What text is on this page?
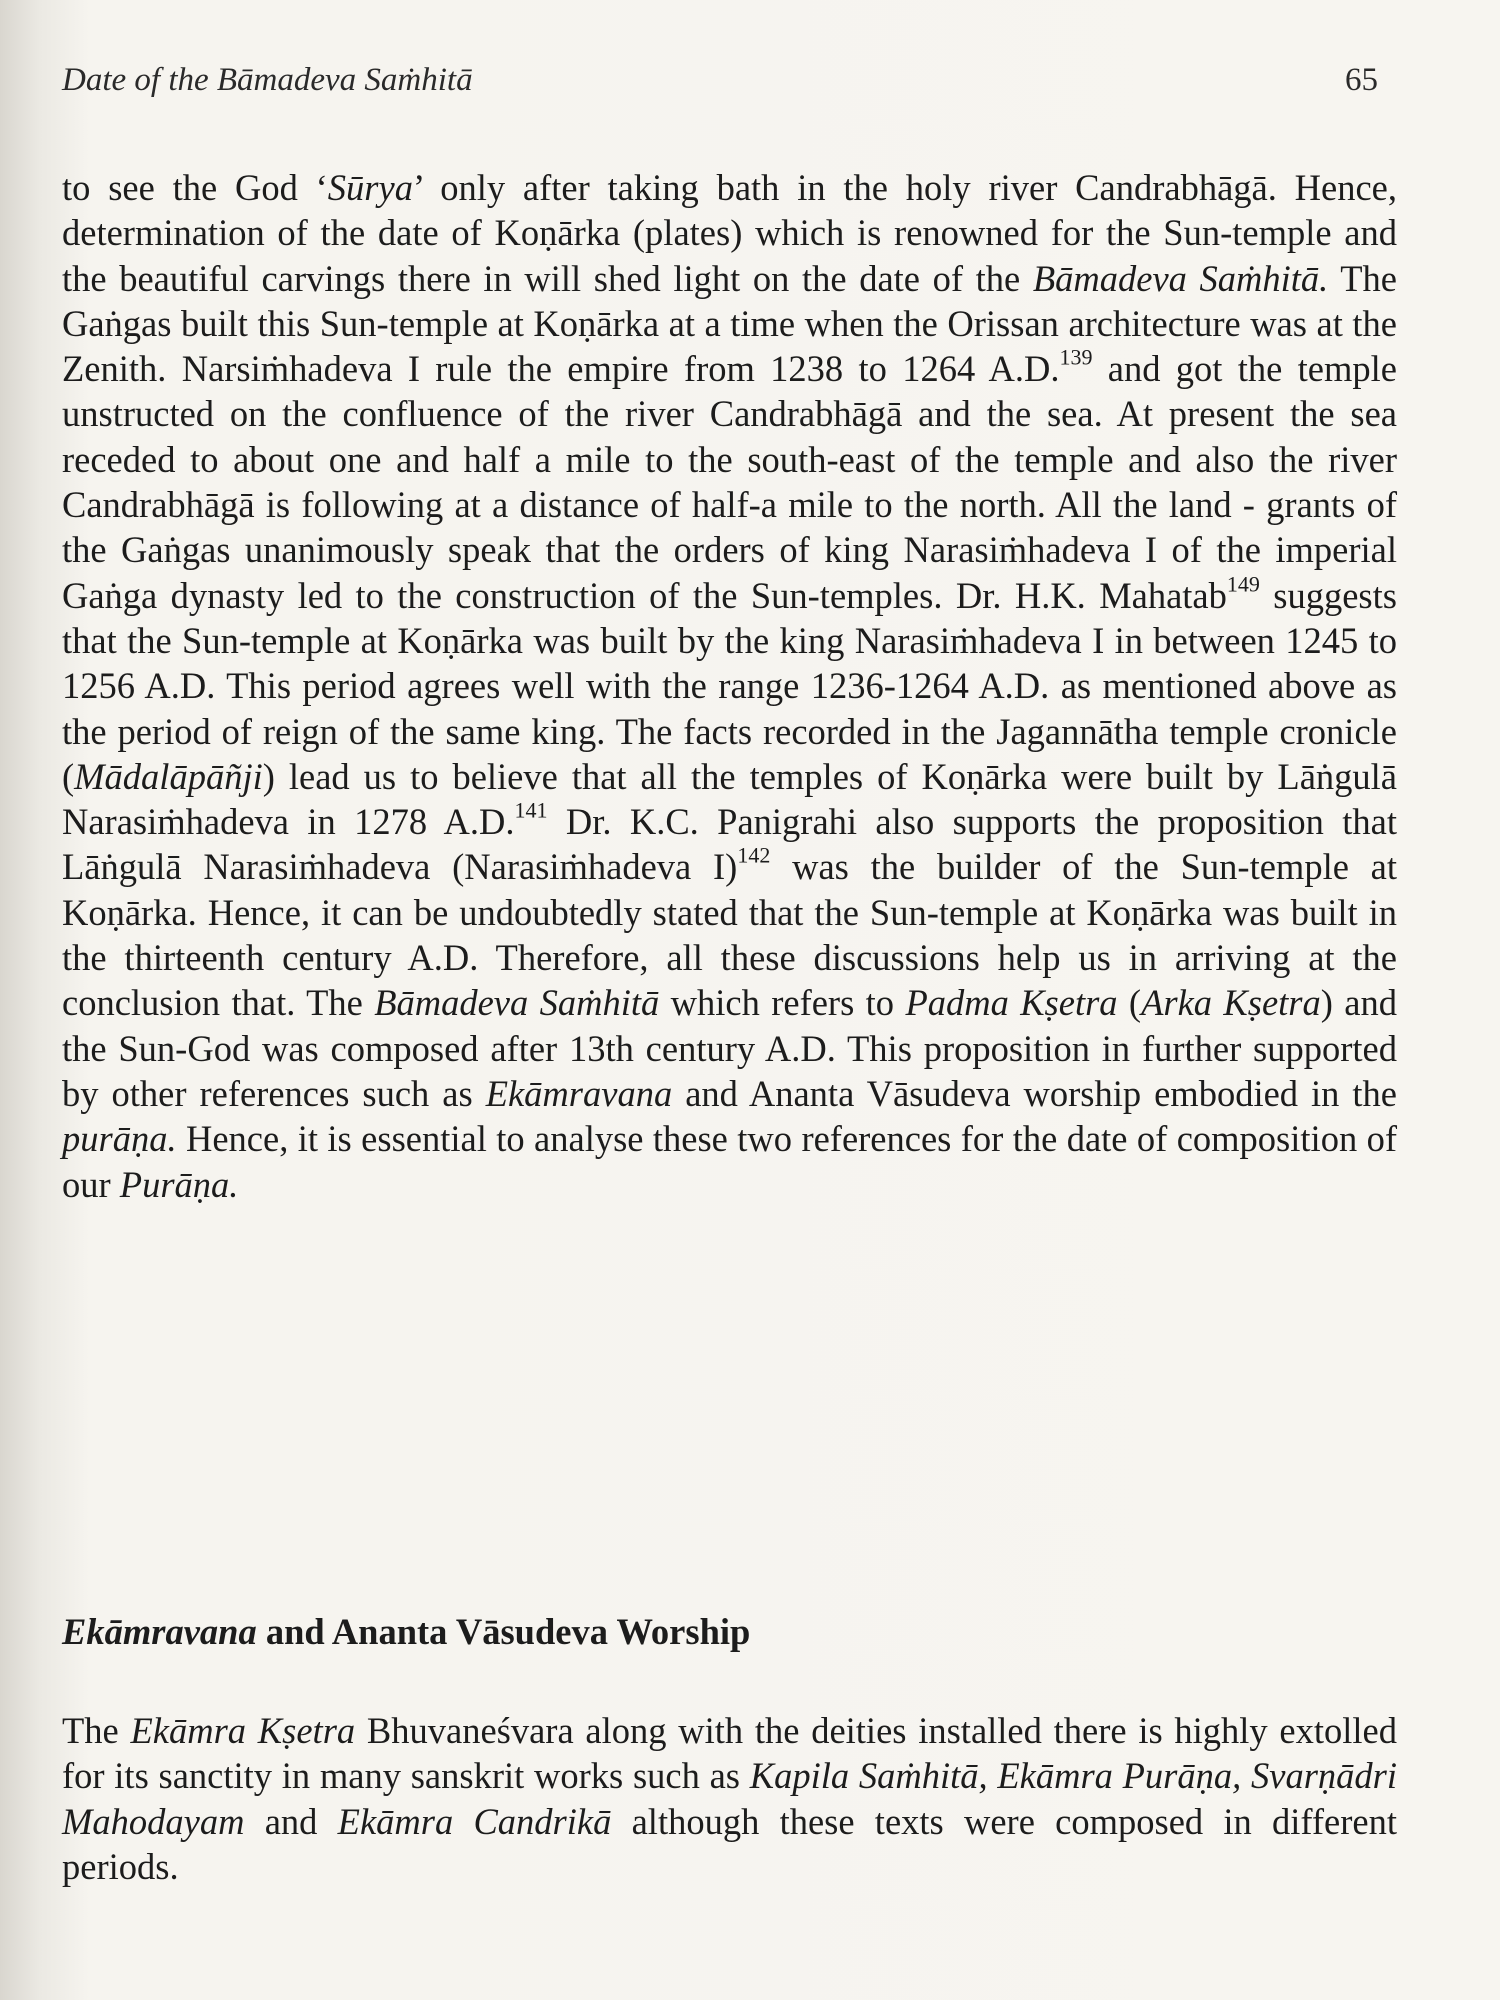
Date of the Bāmadeva Saṁhitā	65

to see the God ‘Sūrya’ only after taking bath in the holy river Candrabhāgā. Hence, determination of the date of Koṇārka (plates) which is renowned for the Sun-temple and the beautiful carvings there in will shed light on the date of the Bāmadeva Saṁhitā. The Gaṅgas built this Sun-temple at Koṇārka at a time when the Orissan architecture was at the Zenith. Narsiṁhadeva I rule the empire from 1238 to 1264 A.D.$^{139}$ and got the temple unstructed on the confluence of the river Candrabhāgā and the sea. At present the sea receded to about one and half a mile to the south-east of the temple and also the river Candrabhāgā is following at a distance of half-a mile to the north. All the land - grants of the Gaṅgas unanimously speak that the orders of king Narasiṁhadeva I of the imperial Gaṅga dynasty led to the construction of the Sun-temples. Dr. H.K. Mahatab$^{149}$ suggests that the Sun-temple at Koṇārka was built by the king Narasiṁhadeva I in between 1245 to 1256 A.D. This period agrees well with the range 1236-1264 A.D. as mentioned above as the period of reign of the same king. The facts recorded in the Jagannātha temple cronicle (Mādalāpāñji) lead us to believe that all the temples of Koṇārka were built by Lāṅgulā Narasiṁhadeva in 1278 A.D.$^{141}$ Dr. K.C. Panigrahi also supports the proposition that Lāṅgulā Narasiṁhadeva (Narasiṁhadeva I)$^{142}$ was the builder of the Sun-temple at Koṇārka. Hence, it can be undoubtedly stated that the Sun-temple at Koṇārka was built in the thirteenth century A.D. Therefore, all these discussions help us in arriving at the conclusion that. The Bāmadeva Saṁhitā which refers to Padma Kṣetra (Arka Kṣetra) and the Sun-God was composed after 13th century A.D. This proposition in further supported by other references such as Ekāmravana and Ananta Vāsudeva worship embodied in the purāṇa. Hence, it is essential to analyse these two references for the date of composition of our Purāṇa.

Ekāmravana and Ananta Vāsudeva Worship

The Ekāmra Kṣetra Bhuvaneśvara along with the deities installed there is highly extolled for its sanctity in many sanskrit works such as Kapila Saṁhitā, Ekāmra Purāṇa, Svarṇādri Mahodayam and Ekāmra Candrikā although these texts were composed in different periods.
